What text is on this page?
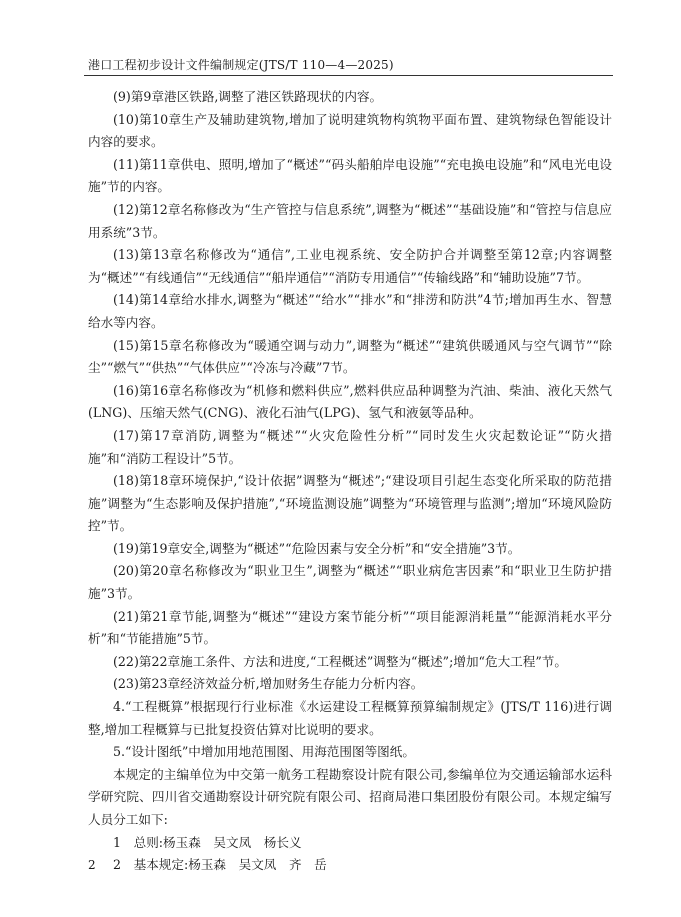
港口工程初步设计文件编制规定(JTS/T 110—4—2025)

(9)第9章港区铁路,调整了港区铁路现状的内容。

(10)第10章生产及辅助建筑物,增加了说明建筑物构筑物平面布置、建筑物绿色智能设计内容的要求。

(11)第11章供电、照明,增加了“概述”“码头船舶岸电设施”“充电换电设施”和“风电光电设施”节的内容。

(12)第12章名称修改为“生产管控与信息系统”,调整为“概述”“基础设施”和“管控与信息应用系统”3节。

(13)第13章名称修改为“通信”,工业电视系统、安全防护合并调整至第12章;内容调整为“概述”“有线通信”“无线通信”“船岸通信”“消防专用通信”“传输线路”和“辅助设施”7节。

(14)第14章给水排水,调整为“概述”“给水”“排水”和“排涝和防洪”4节;增加再生水、智慧给水等内容。

(15)第15章名称修改为“暖通空调与动力”,调整为“概述”“建筑供暖通风与空气调节”“除尘”“燃气”“供热”“气体供应”“冷冻与冷藏”7节。

(16)第16章名称修改为“机修和燃料供应”,燃料供应品种调整为汽油、柴油、液化天然气(LNG)、压缩天然气(CNG)、液化石油气(LPG)、氢气和液氨等品种。

(17)第17章消防,调整为“概述”“火灾危险性分析”“同时发生火灾起数论证”“防火措施”和“消防工程设计”5节。

(18)第18章环境保护,“设计依据”调整为“概述”;“建设项目引起生态变化所采取的防范措施”调整为“生态影响及保护措施”,“环境监测设施”调整为“环境管理与监测”;增加“环境风险防控”节。

(19)第19章安全,调整为“概述”“危险因素与安全分析”和“安全措施”3节。

(20)第20章名称修改为“职业卫生”,调整为“概述”“职业病危害因素”和“职业卫生防护措施”3节。

(21)第21章节能,调整为“概述”“建设方案节能分析”“项目能源消耗量”“能源消耗水平分析”和“节能措施”5节。

(22)第22章施工条件、方法和进度,“工程概述”调整为“概述”;增加“危大工程”节。

(23)第23章经济效益分析,增加财务生存能力分析内容。

4.“工程概算”根据现行行业标准《水运建设工程概算预算编制规定》(JTS/T 116)进行调整,增加工程概算与已批复投资估算对比说明的要求。

5.“设计图纸”中增加用地范围图、用海范围图等图纸。

本规定的主编单位为中交第一航务工程勘察设计院有限公司,参编单位为交通运输部水运科学研究院、四川省交通勘察设计研究院有限公司、招商局港口集团股份有限公司。本规定编写人员分工如下:

1　总则:杨玉森　吴文凤　杨长义

2　基本规定:杨玉森　吴文凤　齐　岳

2
